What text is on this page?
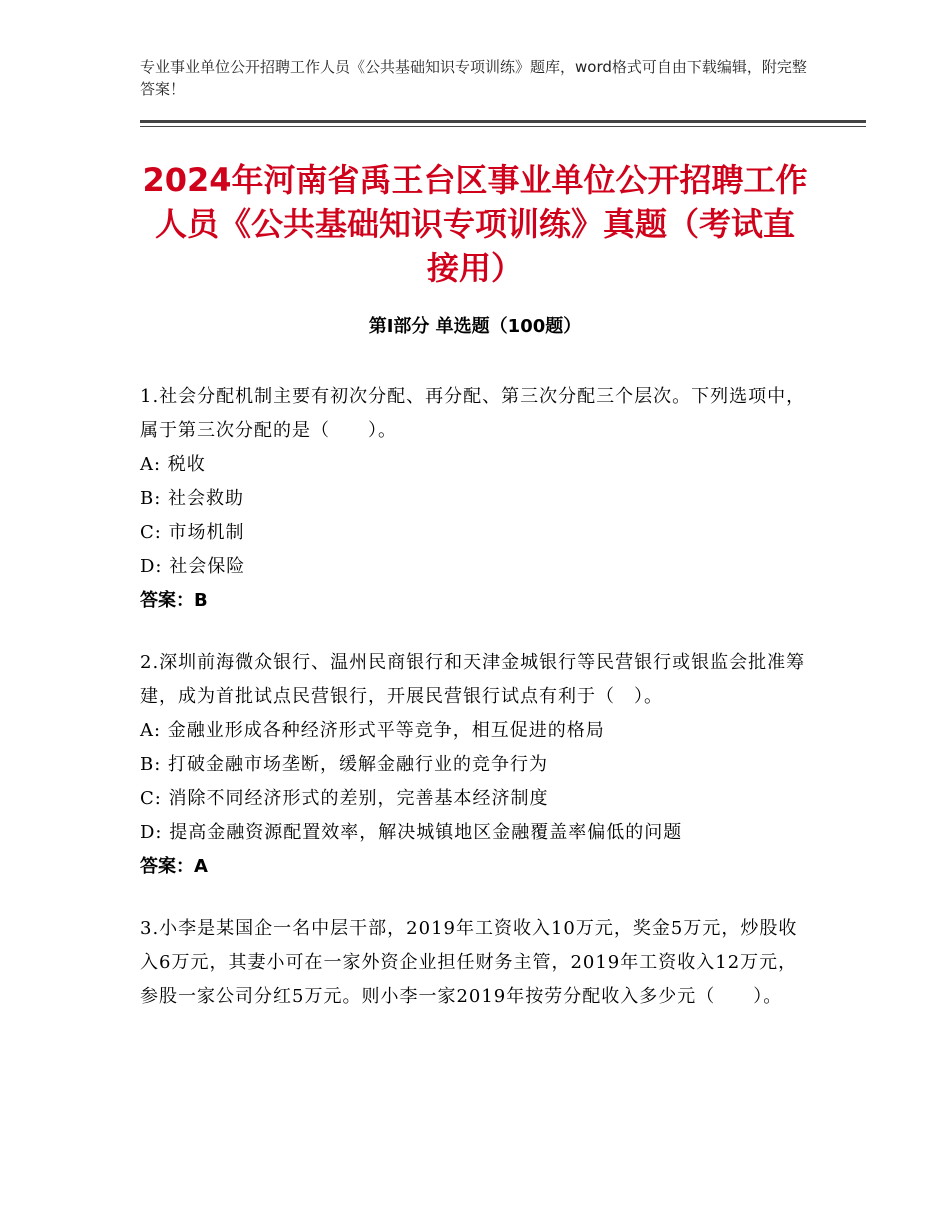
专业事业单位公开招聘工作人员《公共基础知识专项训练》题库，word格式可自由下载编辑，附完整答案！
2024年河南省禹王台区事业单位公开招聘工作人员《公共基础知识专项训练》真题（考试直接用）
第I部分 单选题（100题）
1.社会分配机制主要有初次分配、再分配、第三次分配三个层次。下列选项中，属于第三次分配的是（　　）。
A: 税收
B: 社会救助
C: 市场机制
D: 社会保险
答案：B
2.深圳前海微众银行、温州民商银行和天津金城银行等民营银行或银监会批准筹建，成为首批试点民营银行，开展民营银行试点有利于（　）。
A: 金融业形成各种经济形式平等竞争，相互促进的格局
B: 打破金融市场垄断，缓解金融行业的竞争行为
C: 消除不同经济形式的差别，完善基本经济制度
D: 提高金融资源配置效率，解决城镇地区金融覆盖率偏低的问题
答案：A
3.小李是某国企一名中层干部，2019年工资收入10万元，奖金5万元，炒股收入6万元，其妻小可在一家外资企业担任财务主管，2019年工资收入12万元，参股一家公司分红5万元。则小李一家2019年按劳分配收入多少元（　　）。
